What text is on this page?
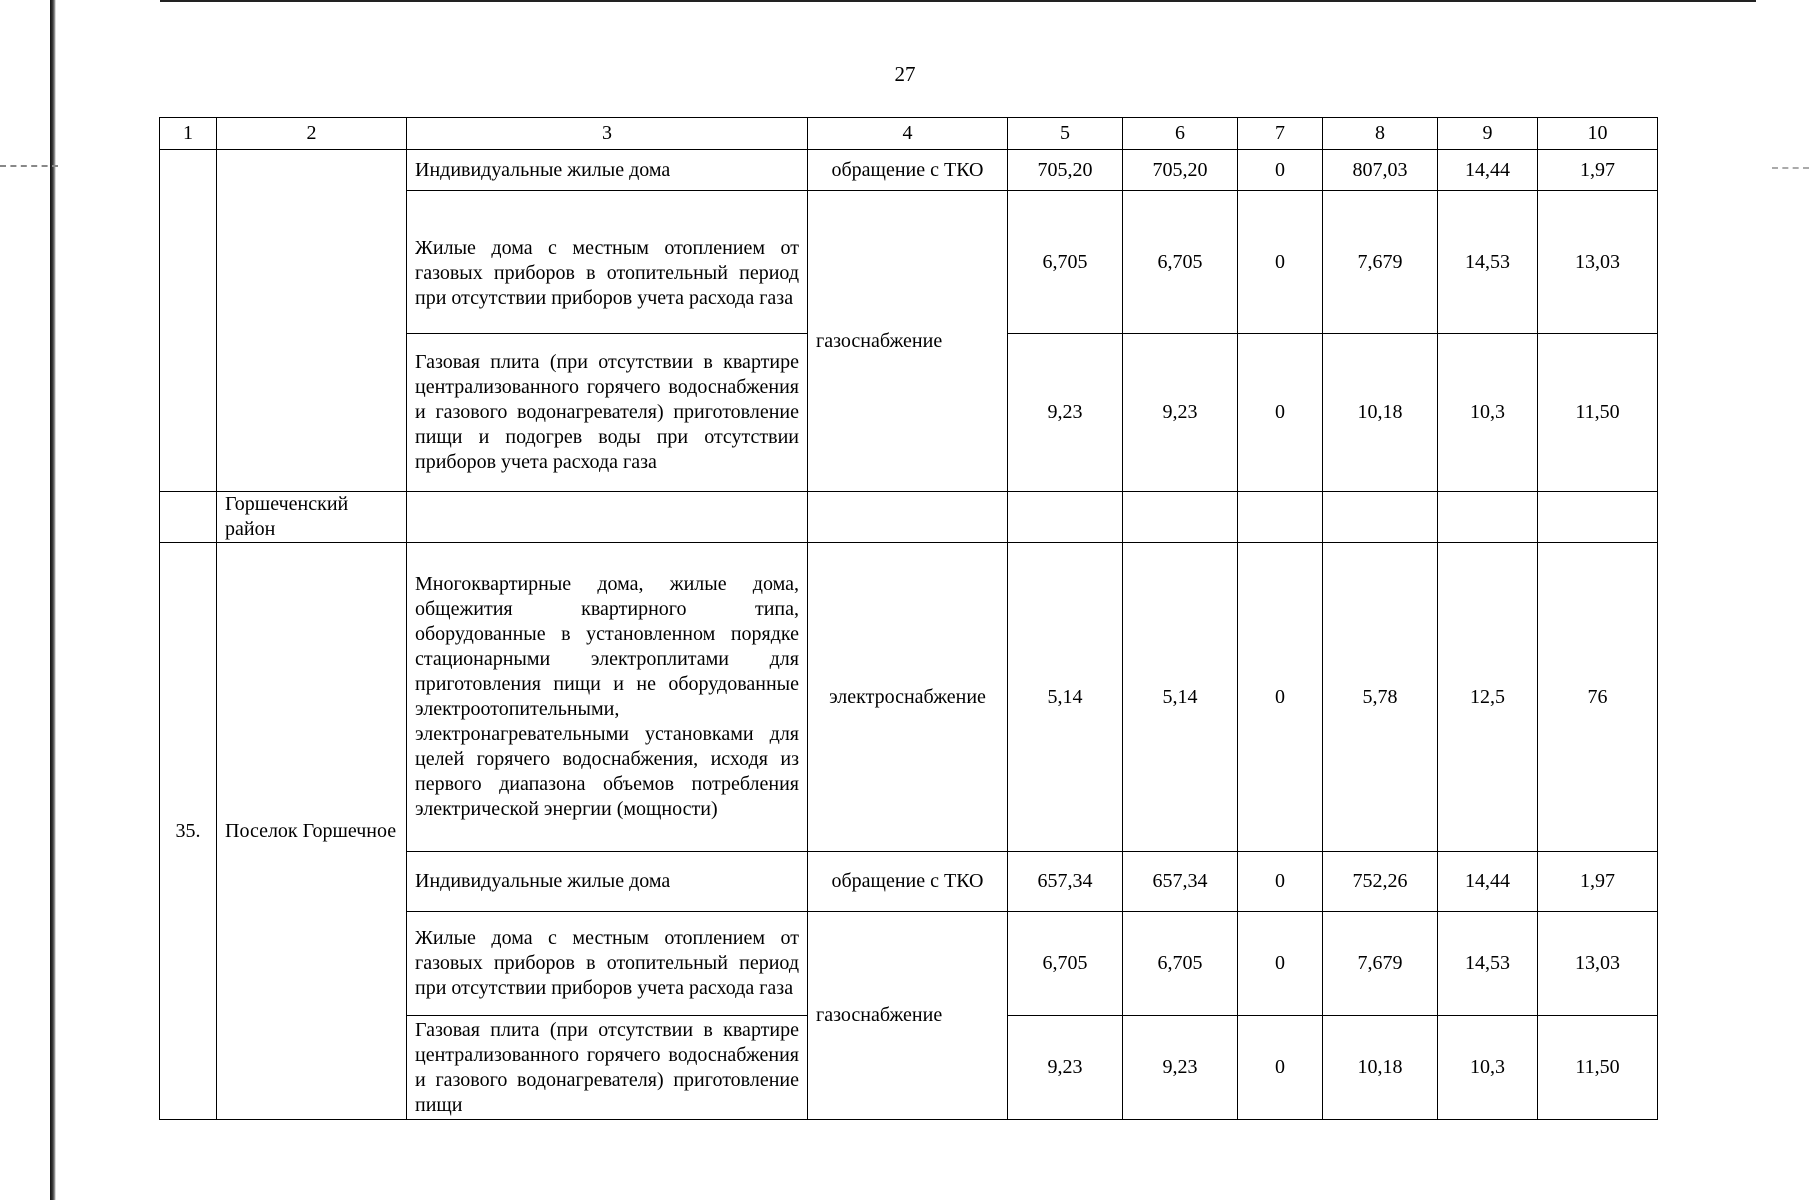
27
1	2	3	4	5	6	7	8	9	10
		Индивидуальные жилые дома	обращение с ТКО	705,20	705,20	0	807,03	14,44	1,97
		Жилые дома с местным отоплением от газовых приборов в отопительный период при отсутствии приборов учета расхода газа	газоснабжение	6,705	6,705	0	7,679	14,53	13,03
		Газовая плита (при отсутствии в квартире централизованного горячего водоснабжения и газового водонагревателя) приготовление пищи и подогрев воды при отсутствии приборов учета расхода газа		9,23	9,23	0	10,18	10,3	11,50
	Горшеченский район								
35.	Поселок Горшечное	Многоквартирные дома, жилые дома, общежития квартирного типа, оборудованные в установленном порядке стационарными электроплитами для приготовления пищи и не оборудованные электроотопительными, электронагревательными установками для целей горячего водоснабжения, исходя из первого диапазона объемов потребления электрической энергии (мощности)	электроснабжение	5,14	5,14	0	5,78	12,5	76
		Индивидуальные жилые дома	обращение с ТКО	657,34	657,34	0	752,26	14,44	1,97
		Жилые дома с местным отоплением от газовых приборов в отопительный период при отсутствии приборов учета расхода газа	газоснабжение	6,705	6,705	0	7,679	14,53	13,03
		Газовая плита (при отсутствии в квартире централизованного горячего водоснабжения и газового водонагревателя) приготовление пищи		9,23	9,23	0	10,18	10,3	11,50
